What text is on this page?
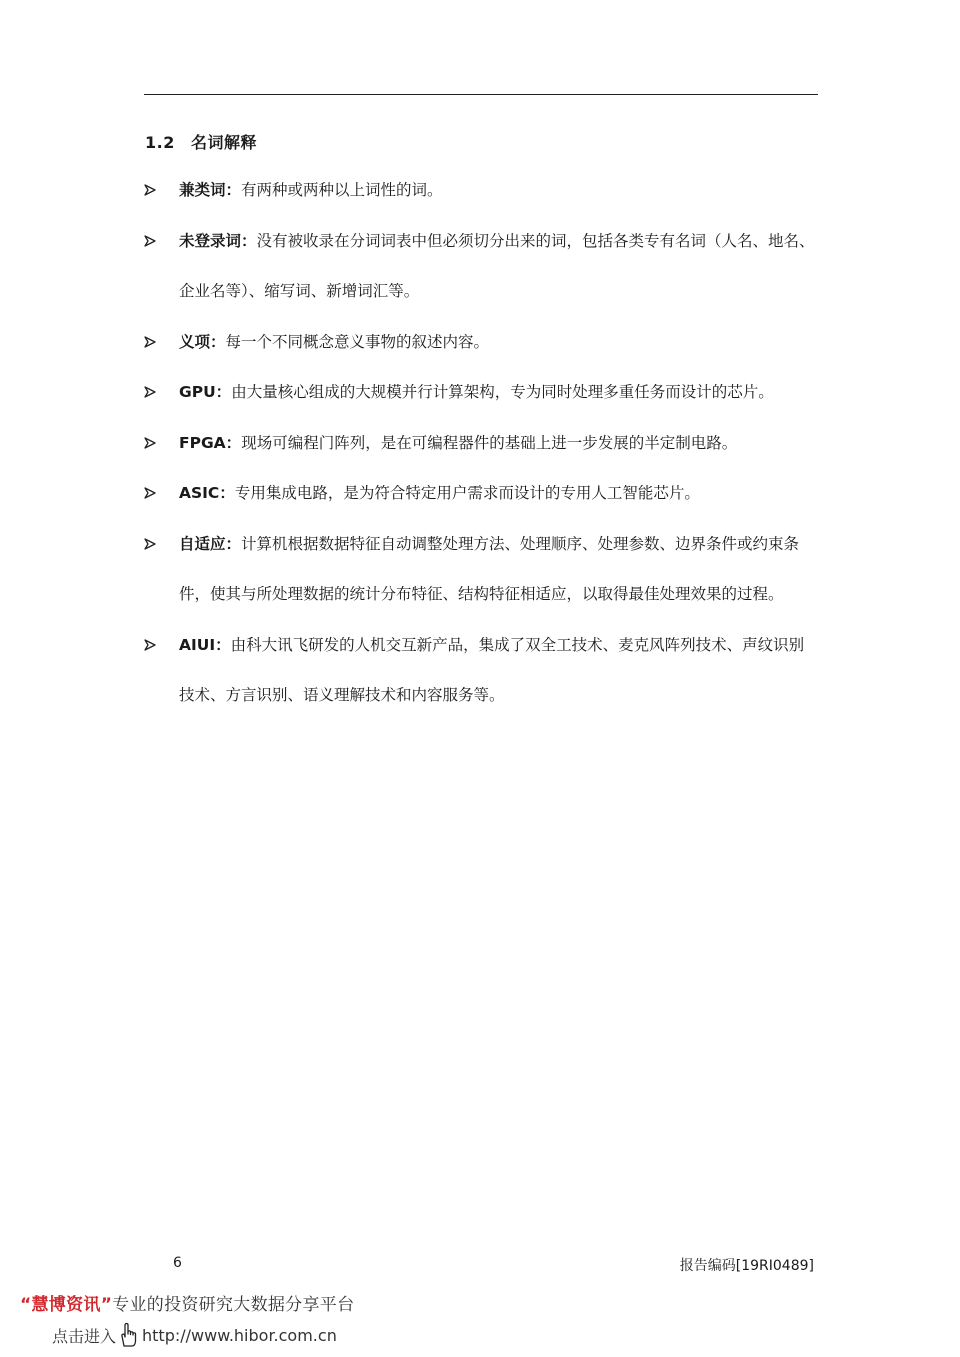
1.2 名词解释
兼类词：有两种或两种以上词性的词。
未登录词：没有被收录在分词词表中但必须切分出来的词，包括各类专有名词（人名、地名、企业名等）、缩写词、新增词汇等。
义项：每一个不同概念意义事物的叙述内容。
GPU：由大量核心组成的大规模并行计算架构，专为同时处理多重任务而设计的芯片。
FPGA：现场可编程门阵列，是在可编程器件的基础上进一步发展的半定制电路。
ASIC：专用集成电路，是为符合特定用户需求而设计的专用人工智能芯片。
自适应：计算机根据数据特征自动调整处理方法、处理顺序、处理参数、边界条件或约束条件，使其与所处理数据的统计分布特征、结构特征相适应，以取得最佳处理效果的过程。
AIUI：由科大讯飞研发的人机交互新产品，集成了双全工技术、麦克风阵列技术、声纹识别技术、方言识别、语义理解技术和内容服务等。
6	报告编码[19RI0489]
“慧博资讯”专业的投资研究大数据分享平台
点击进入 http://www.hibor.com.cn
